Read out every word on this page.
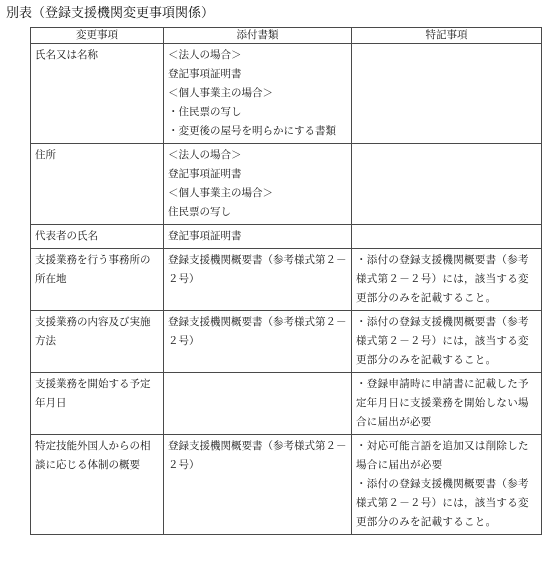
別表（登録支援機関変更事項関係）
変更事項	添付書類	特記事項
氏名又は名称	＜法人の場合＞
登記事項証明書
＜個人事業主の場合＞
・住民票の写し
・変更後の屋号を明らかにする書類	

住所	＜法人の場合＞
登記事項証明書
＜個人事業主の場合＞
住民票の写し	

代表者の氏名	登記事項証明書	

支援業務を行う事務所の所在地	登録支援機関概要書（参考様式第２－２号）	・添付の登録支援機関概要書（参考様式第２－２号）には，該当する変更部分のみを記載すること。

支援業務の内容及び実施方法	登録支援機関概要書（参考様式第２－２号）	・添付の登録支援機関概要書（参考様式第２－２号）には，該当する変更部分のみを記載すること。

支援業務を開始する予定年月日		・登録申請時に申請書に記載した予定年月日に支援業務を開始しない場合に届出が必要

特定技能外国人からの相談に応じる体制の概要	登録支援機関概要書（参考様式第２－２号）	・対応可能言語を追加又は削除した場合に届出が必要
・添付の登録支援機関概要書（参考様式第２－２号）には，該当する変更部分のみを記載すること。
